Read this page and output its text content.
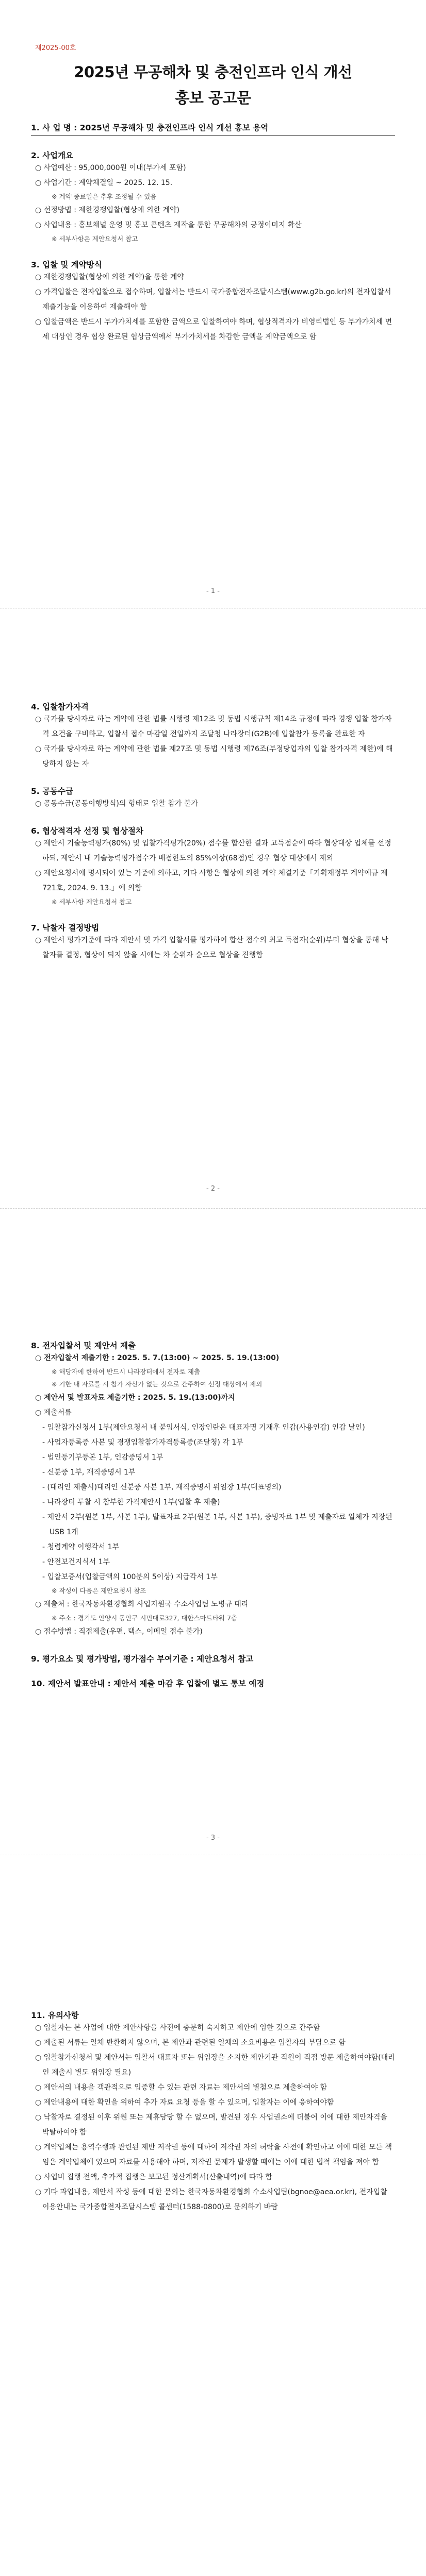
제2025-00호
2025년 무공해차 및 충전인프라 인식 개선
홍보 공고문
1. 사 업 명 : 2025년 무공해차 및 충전인프라 인식 개선 홍보 용역
2. 사업개요

○ 사업예산 : 95,000,000원 이내(부가세 포함)

○ 사업기간 : 계약체결일 ~ 2025. 12. 15.

※ 계약 종료일은 추후 조정될 수 있음

○ 선정방법 : 제한경쟁입찰(협상에 의한 계약)

○ 사업내용 : 홍보채널 운영 및 홍보 콘텐츠 제작을 통한 무공해차의 긍정이미지 확산

※ 세부사항은 제안요청서 참고

3. 입찰 및 계약방식

○ 제한경쟁입찰(협상에 의한 계약)을 통한 계약

○ 가격입찰은 전자입찰으로 접수하며, 입찰서는 반드시 국가종합전자조달시스템(www.g2b.go.kr)의 전자입찰서 제출기능을 이용하여 제출해야 함

○ 입찰금액은 반드시 부가가치세를 포함한 금액으로 입찰하여야 하며, 협상적격자가 비영리법인 등 부가가치세 면세 대상인 경우 협상 완료된 협상금액에서 부가가치세를 차감한 금액을 계약금액으로 함

- 1 -
4. 입찰참가자격

○ 국가를 당사자로 하는 계약에 관한 법률 시행령 제12조 및 동법 시행규칙 제14조 규정에 따라 경쟁 입찰 참가자격 요건을 구비하고, 입찰서 접수 마감일 전일까지 조달청 나라장터(G2B)에 입찰참가 등록을 완료한 자

○ 국가를 당사자로 하는 계약에 관한 법률 제27조 및 동법 시행령 제76조(부정당업자의 입찰 참가자격 제한)에 해당하지 않는 자

5. 공동수급

○ 공동수급(공동이행방식)의 형태로 입찰 참가 불가

6. 협상적격자 선정 및 협상절차

○ 제안서 기술능력평가(80%) 및 입찰가격평가(20%) 점수를 합산한 결과 고득점순에 따라 협상대상 업체를 선정하되, 제안서 내 기술능력평가점수가 배점한도의 85%이상(68점)인 경우 협상 대상에서 제외

○ 제안요청서에 명시되어 있는 기준에 의하고, 기타 사항은 협상에 의한 계약 체결기준「기획재정부 계약예규 제721호, 2024. 9. 13.」에 의함

※ 세부사항 제안요청서 참고

7. 낙찰자 결정방법

○ 제안서 평가기준에 따라 제안서 및 가격 입찰서를 평가하여 합산 점수의 최고 득점자(순위)부터 협상을 통해 낙찰자를 결정, 협상이 되지 않을 시에는 차 순위자 순으로 협상을 진행함

- 2 -
8. 전자입찰서 및 제안서 제출

○ 전자입찰서 제출기한 : 2025. 5. 7.(13:00) ~ 2025. 5. 19.(13:00)

※ 해당자에 한하여 반드시 나라장터에서 전자로 제출

※ 기한 내 자료를 시 참가 자신가 없는 것으로 간주하여 선정 대상에서 제외

○ 제안서 및 발표자료 제출기한 : 2025. 5. 19.(13:00)까지

○ 제출서류

- 입찰참가신청서 1부(제안요청서 내 붙임서식, 인장인란은 대표자명 기재후 인감(사용인감) 인감 날인)

- 사업자등록증 사본 및 경쟁입찰참가자격등록증(조달청) 각 1부

- 법인등기부등본 1부, 인감증명서 1부

- 신분증 1부, 재직증명서 1부

- (대리인 제출시)대리인 신분증 사본 1부, 재직증명서 위임장 1부(대표명의)

- 나라장터 투찰 시 참부한 가격제안서 1부(입찰 후 제출)

- 제안서 2부(원본 1부, 사본 1부), 발표자료 2부(원본 1부, 사본 1부), 증빙자료 1부 및 제출자료 일체가 저장된 USB 1개

- 청렴계약 이행각서 1부

- 안전보건지식서 1부

- 입찰보증서(입찰금액의 100분의 5이상) 지급각서 1부

※ 작성이 다음은 제안요청서 참조

○ 제출처 : 한국자동차환경협회 사업지원국 수소사업팀 노병규 대리

※ 주소 : 경기도 안양시 동안구 시민대로327, 대한스마트타워 7층

○ 접수방법 : 직접제출(우편, 택스, 이메일 접수 불가)

9. 평가요소 및 평가방법, 평가점수 부여기준 : 제안요청서 참고
10. 제안서 발표안내 : 제안서 제출 마감 후 입찰에 별도 통보 예정
- 3 -
11. 유의사항

○ 입찰자는 본 사업에 대한 제안사항을 사전에 충분히 숙지하고 제안에 임한 것으로 간주함

○ 제출된 서류는 일체 반환하지 않으며, 본 제안과 관련된 일체의 소요비용은 입찰자의 부담으로 함

○ 입찰참가신청서 및 제안서는 입찰서 대표자 또는 위임장을 소지한 제안기관 직원이 직접 방문 제출하여야함(대리인 제출시 별도 위임장 필요)

○ 제안서의 내용을 객관적으로 입증할 수 있는 관련 자료는 제안서의 별첨으로 제출하여야 함

○ 제안내용에 대한 확인을 위하여 추가 자료 요청 등을 할 수 있으며, 입찰자는 이에 응하여야함

○ 낙찰자로 결정된 이후 위원 또는 제휴담당 할 수 없으며, 발견된 경우 사업권소에 더불어 이에 대한 제안자격을 박탈하여야 함

○ 계약업체는 용역수행과 관련된 제반 저작권 등에 대하여 저작권 자의 허락을 사전에 확인하고 이에 대한 모든 책임은 계약업체에 있으며 자료를 사용해야 하며, 저작권 문제가 발생할 때에는 이에 대한 법적 책임을 져야 함

○ 사업비 집행 전액, 추가적 집행은 보고된 정산계획서(산출내역)에 따라 함

○ 기타 과업내용, 제안서 작성 등에 대한 문의는 한국자동차환경협회 수소사업팀(bgnoe@aea.or.kr), 전자입찰 이용안내는 국가종합전자조달시스템 콜센터(1588-0800)로 문의하기 바람
